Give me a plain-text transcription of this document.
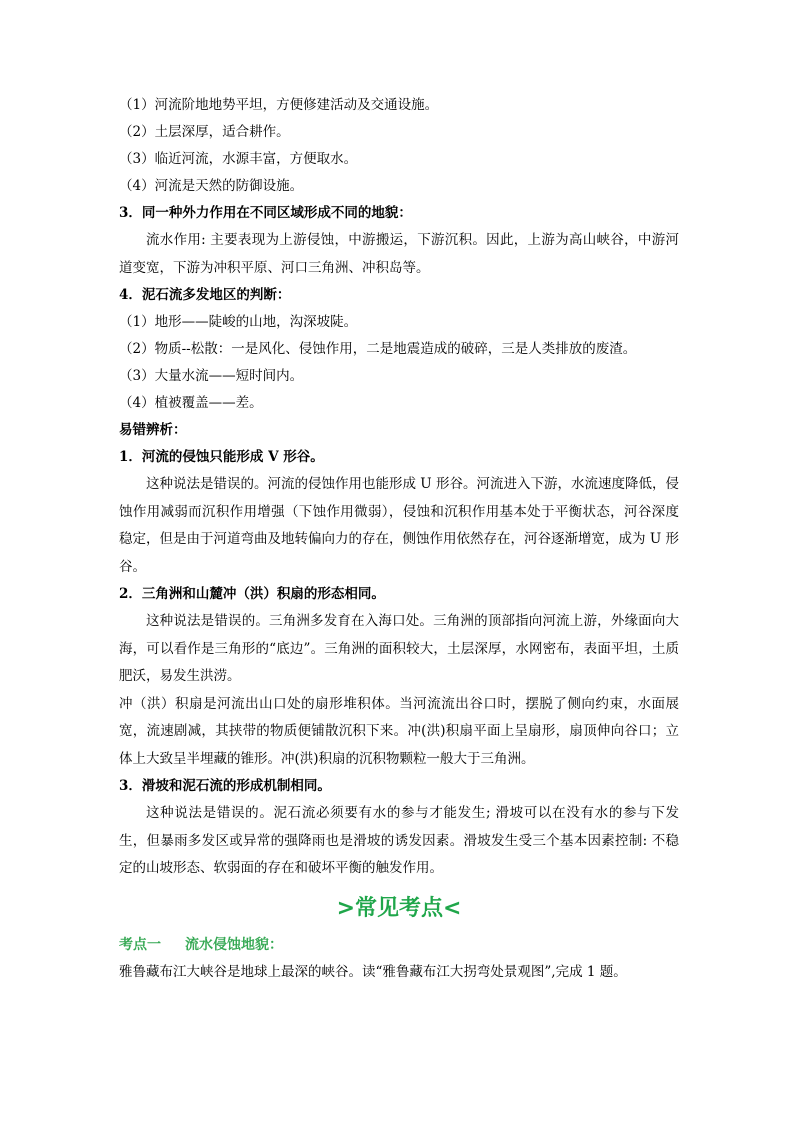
（1）河流阶地地势平坦，方便修建活动及交通设施。
（2）土层深厚，适合耕作。
（3）临近河流，水源丰富，方便取水。
（4）河流是天然的防御设施。
3．同一种外力作用在不同区域形成不同的地貌：

流水作用: 主要表现为上游侵蚀，中游搬运，下游沉积。因此，上游为高山峡谷，中游河道变宽，下游为冲积平原、河口三角洲、冲积岛等。

4．泥石流多发地区的判断：
（1）地形——陡峻的山地，沟深坡陡。
（2）物质--松散：一是风化、侵蚀作用，二是地震造成的破碎，三是人类排放的废渣。
（3）大量水流——短时间内。
（4）植被覆盖——差。
易错辨析：
1．河流的侵蚀只能形成 V 形谷。

这种说法是错误的。河流的侵蚀作用也能形成 U 形谷。河流进入下游，水流速度降低，侵蚀作用减弱而沉积作用增强（下蚀作用微弱），侵蚀和沉积作用基本处于平衡状态，河谷深度稳定，但是由于河道弯曲及地转偏向力的存在，侧蚀作用依然存在，河谷逐渐增宽，成为 U 形谷。

2．三角洲和山麓冲（洪）积扇的形态相同。

这种说法是错误的。三角洲多发育在入海口处。三角洲的顶部指向河流上游，外缘面向大海，可以看作是三角形的“底边”。三角洲的面积较大，土层深厚，水网密布，表面平坦，土质肥沃，易发生洪涝。

冲（洪）积扇是河流出山口处的扇形堆积体。当河流流出谷口时，摆脱了侧向约束，水面展宽，流速剧减，其挟带的物质便铺散沉积下来。冲(洪)积扇平面上呈扇形，扇顶伸向谷口；立体上大致呈半埋藏的锥形。冲(洪)积扇的沉积物颗粒一般大于三角洲。

3．滑坡和泥石流的形成机制相同。

这种说法是错误的。泥石流必须要有水的参与才能发生; 滑坡可以在没有水的参与下发生，但暴雨多发区或异常的强降雨也是滑坡的诱发因素。滑坡发生受三个基本因素控制: 不稳定的山坡形态、软弱面的存在和破坏平衡的触发作用。

>常见考点<
考点一 流水侵蚀地貌：
雅鲁藏布江大峡谷是地球上最深的峡谷。读“雅鲁藏布江大拐弯处景观图”,完成 1 题。
